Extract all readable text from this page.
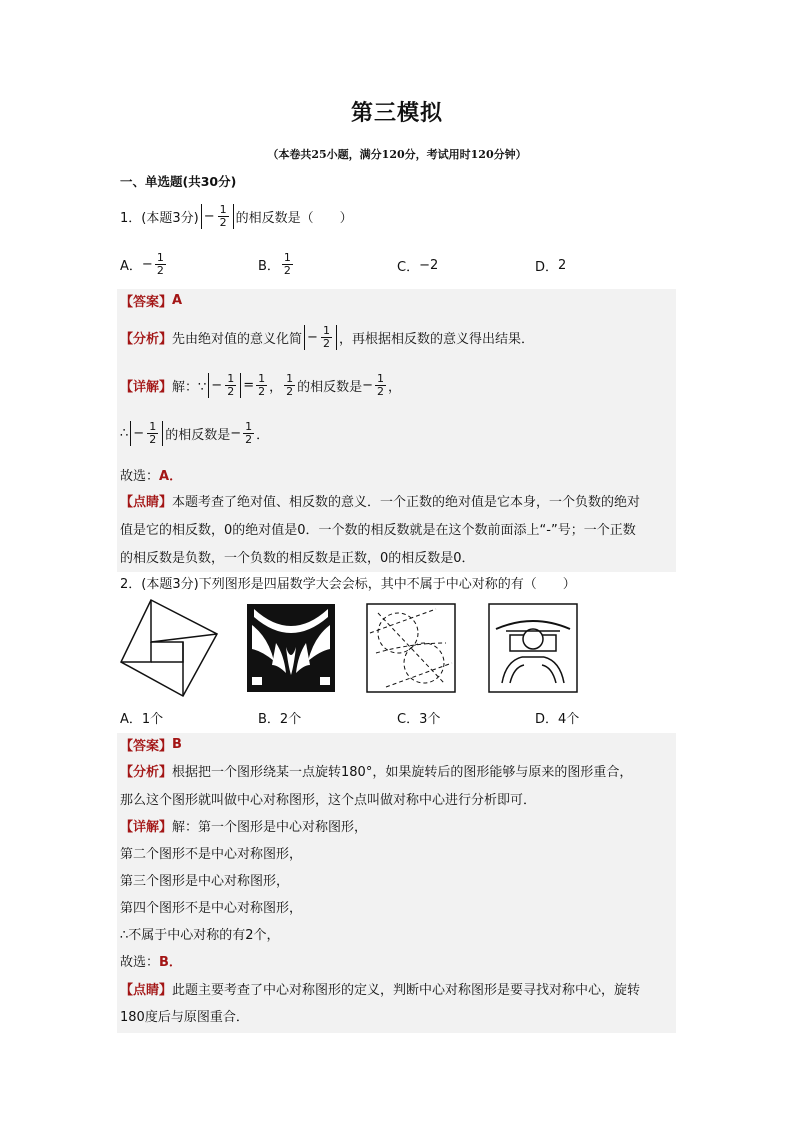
第三模拟
（本卷共25小题，满分120分，考试用时120分钟）
一、单选题(共30分)
1． (本题3分) − $\frac{1}{2}$ 的相反数是（　　）
A． − $\frac{1}{2}$	B． $\frac{1}{2}$	C． −2	D． 2
【答案】 A
【分析】 先由绝对值的意义化简 − $\frac{1}{2}$ ，再根据相反数的意义得出结果．
【详解】 解：∵ − $\frac{1}{2} = \frac{1}{2}$ ， $\frac{1}{2}$ 的相反数是 − $\frac{1}{2}$ ，
∴ − $\frac{1}{2}$ 的相反数是 − $\frac{1}{2}$ ．
故选： A．
【点睛】 本题考查了绝对值、相反数的意义．一个正数的绝对值是它本身，一个负数的绝对
值是它的相反数，0的绝对值是0．一个数的相反数就是在这个数前面添上“-”号；一个正数
的相反数是负数，一个负数的相反数是正数，0的相反数是0．
2． (本题3分) 下列图形是四届数学大会会标，其中不属于中心对称的有（　　）
A．1个	B．2个	C．3个	D．4个
【答案】 B
【分析】 根据把一个图形绕某一点旋转180°，如果旋转后的图形能够与原来的图形重合，
那么这个图形就叫做中心对称图形，这个点叫做对称中心进行分析即可．
【详解】 解：第一个图形是中心对称图形，
第二个图形不是中心对称图形，
第三个图形是中心对称图形，
第四个图形不是中心对称图形，
∴不属于中心对称的有2个，
故选： B．
【点睛】 此题主要考查了中心对称图形的定义，判断中心对称图形是要寻找对称中心，旋转
180度后与原图重合．
